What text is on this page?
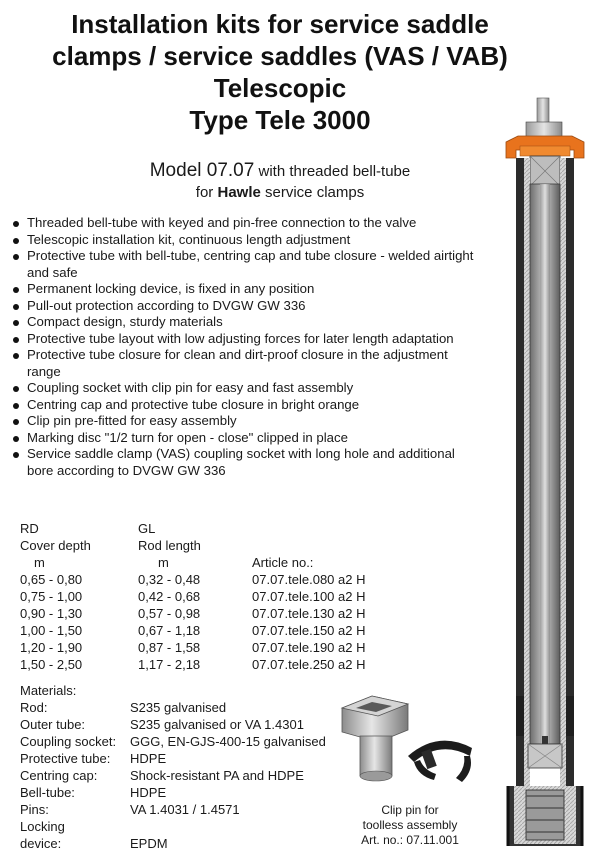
Installation kits for service saddle
clamps / service saddles (VAS / VAB)
Telescopic
Type Tele 3000
Model 07.07 with threaded bell-tube
for Hawle service clamps
Threaded bell-tube with keyed and pin-free connection to the valve
Telescopic installation kit, continuous length adjustment
Protective tube with bell-tube, centring cap and tube closure - welded airtight and safe
Permanent locking device, is fixed in any position
Pull-out protection according to DVGW GW 336
Compact design, sturdy materials
Protective tube layout with low adjusting forces for later length adaptation
Protective tube closure for clean and dirt-proof closure in the adjustment range
Coupling socket with clip pin for easy and fast assembly
Centring cap and protective tube closure in bright orange
Clip pin pre-fitted for easy assembly
Marking disc "1/2 turn for open - close" clipped in place
Service saddle clamp (VAS) coupling socket with long hole and additional bore according to DVGW GW 336
RD	GL	
Cover depth	Rod length	
m	m	Article no.:
0,65 - 0,80	0,32 - 0,48	07.07.tele.080 a2 H
0,75 - 1,00	0,42 - 0,68	07.07.tele.100 a2 H
0,90 - 1,30	0,57 - 0,98	07.07.tele.130 a2 H
1,00 - 1,50	0,67 - 1,18	07.07.tele.150 a2 H
1,20 - 1,90	0,87 - 1,58	07.07.tele.190 a2 H
1,50 - 2,50	1,17 - 2,18	07.07.tele.250 a2 H
Materials:
Rod:	S235 galvanised
Outer tube:	S235 galvanised or VA 1.4301
Coupling socket:	GGG, EN-GJS-400-15 galvanised
Protective tube:	HDPE
Centring cap:	Shock-resistant PA and HDPE
Bell-tube:	HDPE
Pins:	VA 1.4031 / 1.4571
Locking
device:	EPDM
Clip pin for
toolless assembly
Art. no.: 07.11.001
